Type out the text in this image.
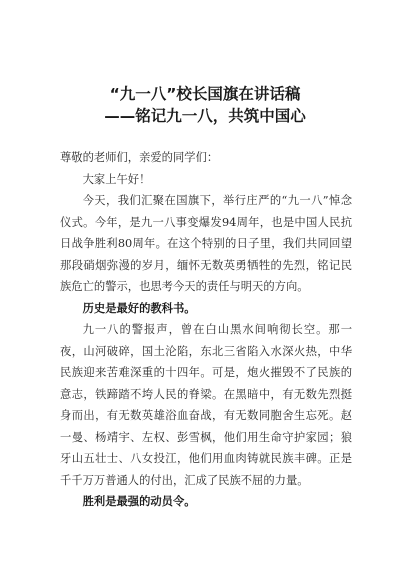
“九一八”校长国旗在讲话稿
——铭记九一八，共筑中国心

尊敬的老师们，亲爱的同学们：

大家上午好！

今天，我们汇聚在国旗下，举行庄严的“九一八”悼念仪式。今年，是九一八事变爆发94周年，也是中国人民抗日战争胜利80周年。在这个特别的日子里，我们共同回望那段硝烟弥漫的岁月，缅怀无数英勇牺牲的先烈，铭记民族危亡的警示，也思考今天的责任与明天的方向。

历史是最好的教科书。

九一八的警报声，曾在白山黑水间响彻长空。那一夜，山河破碎，国土沦陷，东北三省陷入水深火热，中华民族迎来苦难深重的十四年。可是，炮火摧毁不了民族的意志，铁蹄踏不垮人民的脊梁。在黑暗中，有无数先烈挺身而出，有无数英雄浴血奋战，有无数同胞舍生忘死。赵一曼、杨靖宇、左权、彭雪枫，他们用生命守护家园；狼牙山五壮士、八女投江，他们用血肉铸就民族丰碑。正是千千万万普通人的付出，汇成了民族不屈的力量。

胜利是最强的动员令。
